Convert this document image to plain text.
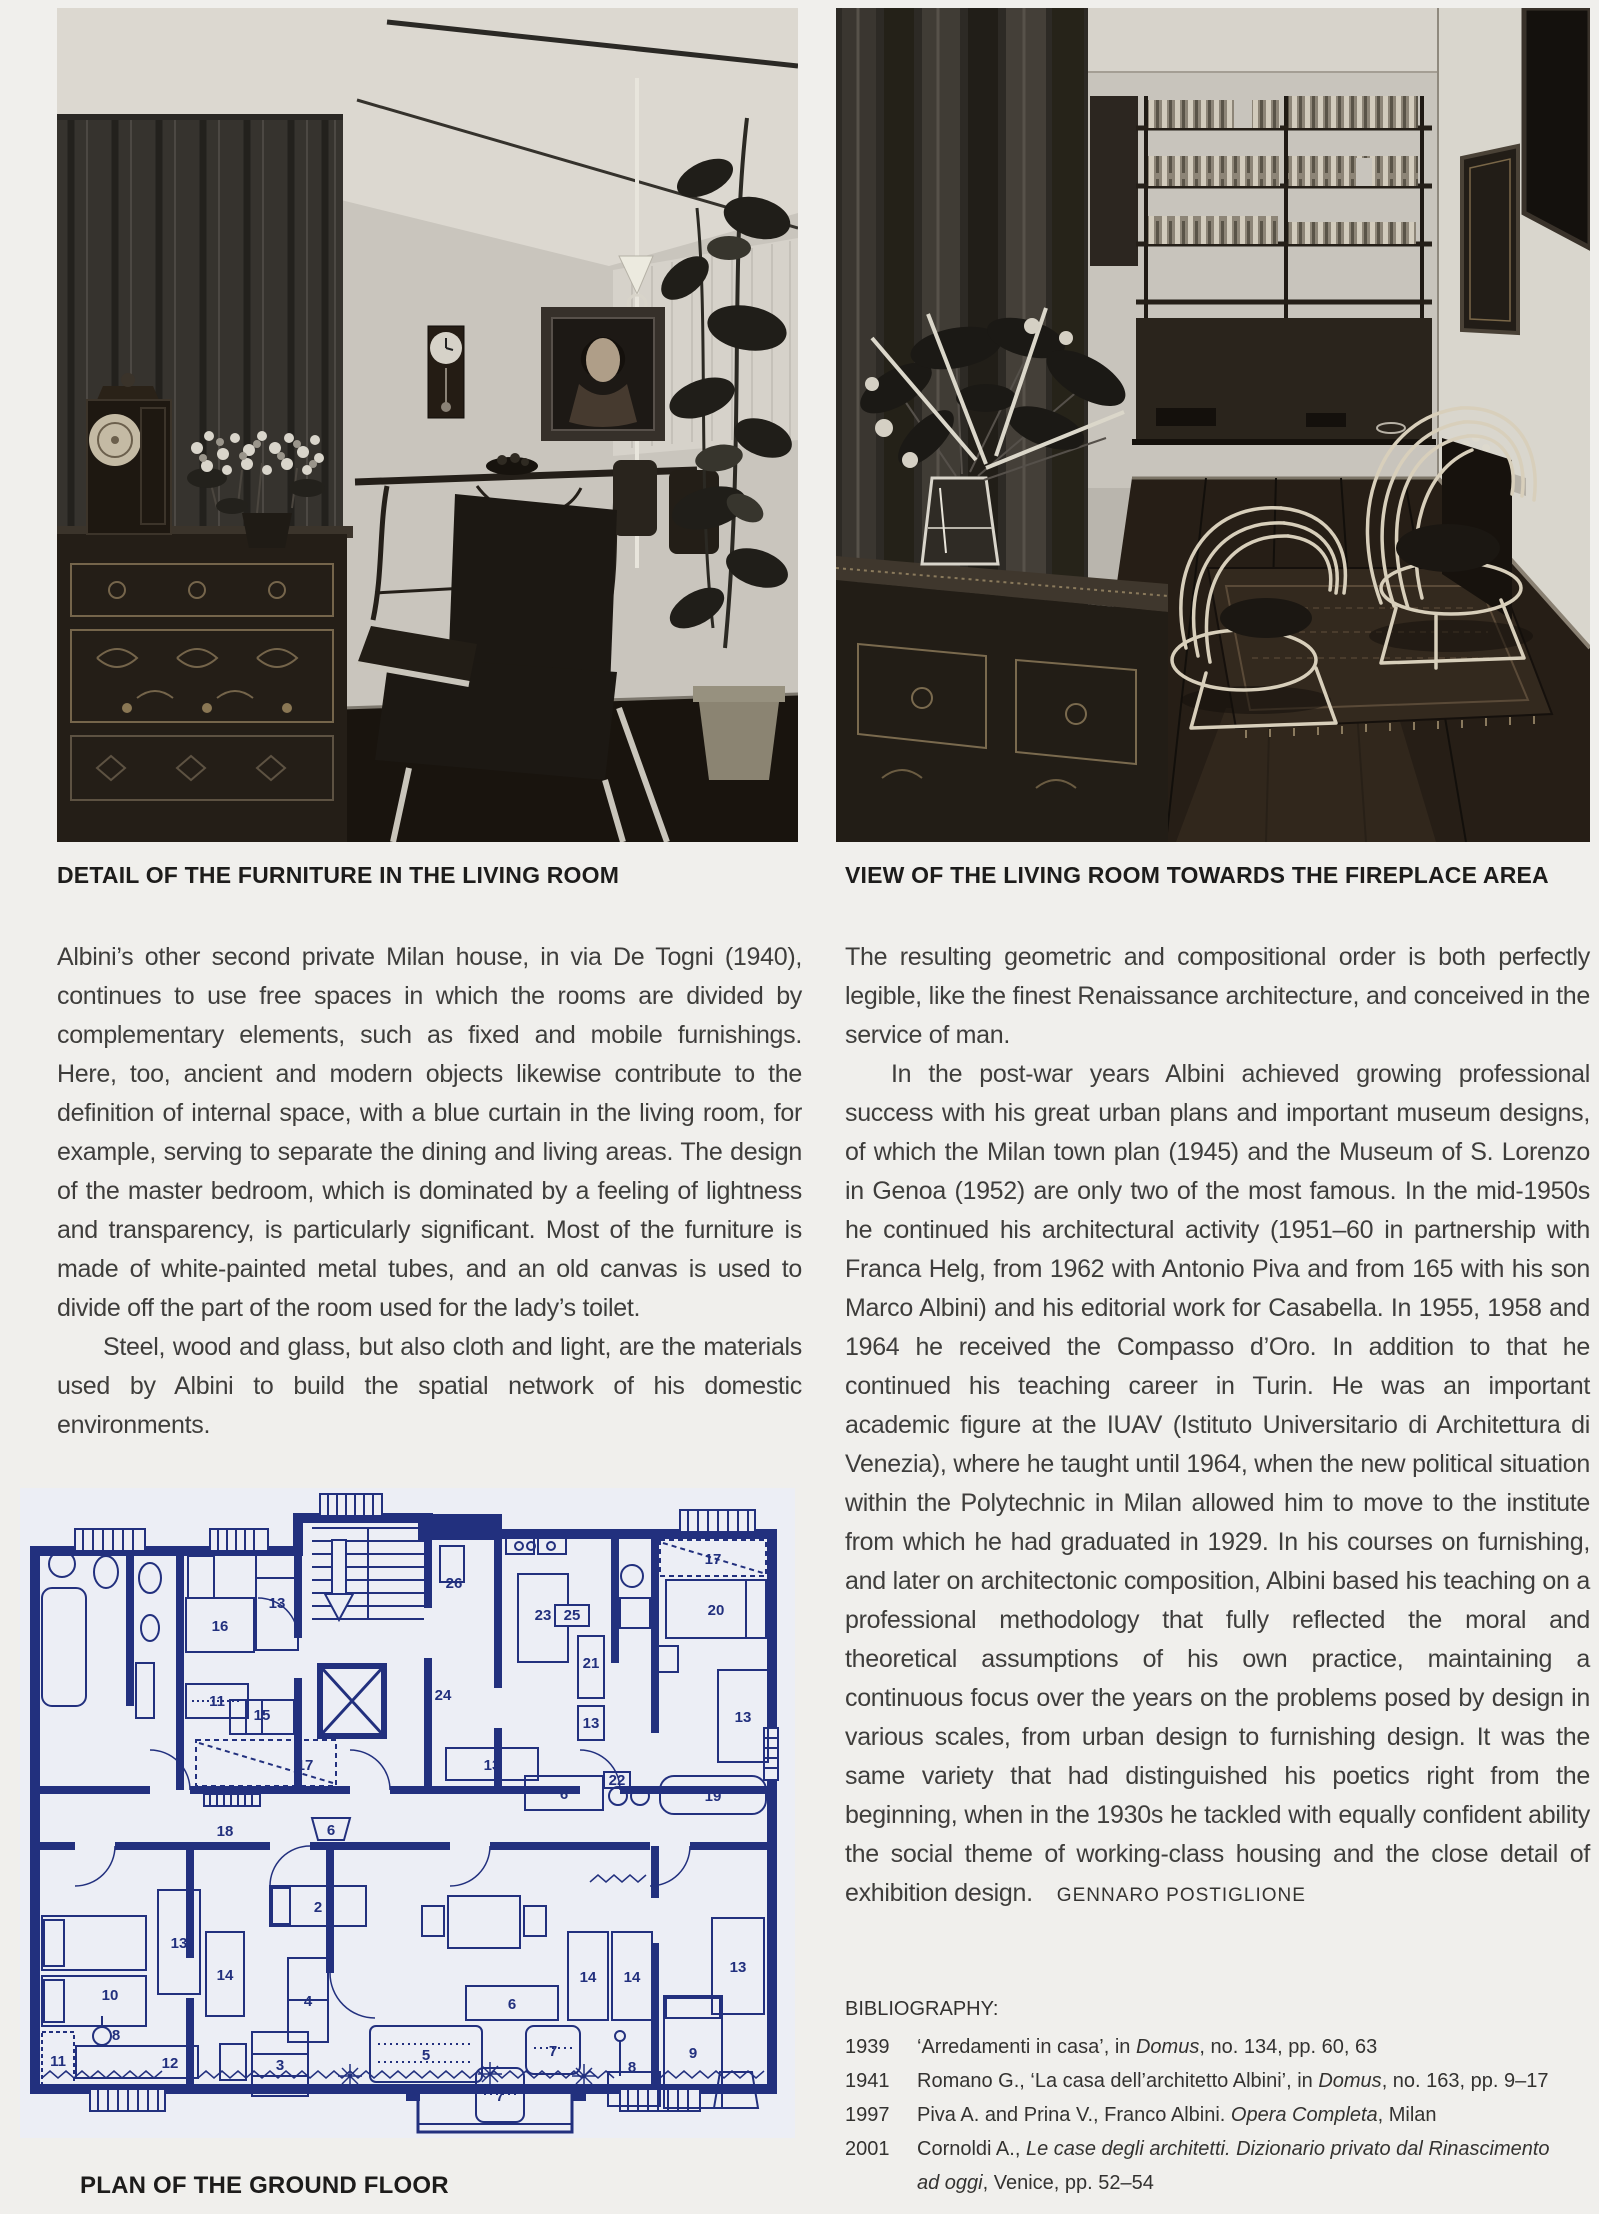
DETAIL OF THE FURNITURE IN THE LIVING ROOM	VIEW OF THE LIVING ROOM TOWARDS THE FIREPLACE AREA

Albini’s other second private Milan house, in via De Togni (1940), continues to use free spaces in which the rooms are divided by complementary elements, such as fixed and mobile furnishings. Here, too, ancient and modern objects likewise contribute to the definition of internal space, with a blue curtain in the living room, for example, serving to separate the dining and living areas. The design of the master bedroom, which is dominated by a feeling of lightness and transparency, is particularly significant. Most of the furniture is made of white-painted metal tubes, and an old canvas is used to divide off the part of the room used for the lady’s toilet.

Steel, wood and glass, but also cloth and light, are the materials used by Albini to build the spatial network of his domestic environments.

The resulting geometric and compositional order is both perfectly legible, like the finest Renaissance architecture, and conceived in the service of man.

In the post-war years Albini achieved growing professional success with his great urban plans and important museum designs, of which the Milan town plan (1945) and the Museum of S. Lorenzo in Genoa (1952) are only two of the most famous. In the mid-1950s he continued his architectural activity (1951–60 in partnership with Franca Helg, from 1962 with Antonio Piva and from 165 with his son Marco Albini) and his editorial work for Casabella. In 1955, 1958 and 1964 he received the Compasso d’Oro. In addition to that he continued his teaching career in Turin. He was an important academic figure at the IUAV (Istituto Universitario di Architettura di Venezia), where he taught until 1964, when the new political situation within the Polytechnic in Milan allowed him to move to the institute from which he had graduated in 1929. In his courses on furnishing, and later on architectonic composition, Albini based his teaching on a professional methodology that fully reflected the moral and theoretical assumptions of his own practice, maintaining a continuous focus over the years on the problems posed by design in various scales, from urban design to furnishing design. It was the same variety that had distinguished his poetics right from the beginning, when in the 1930s he tackled with equally confident ability the social theme of working-class housing and the close detail of exhibition design. GENNARO POSTIGLIONE

16
13
11
15
17
18
26
24
23 25
21
13
20
17
13
13
6
22
19
6
2
13
14
4
10
8
11	12	3
5
6
7
7
8
14 14
13
9
PLAN OF THE GROUND FLOOR
BIBLIOGRAPHY:
1939	‘Arredamenti in casa’, in Domus, no. 134, pp. 60, 63
1941	Romano G., ‘La casa dell’architetto Albini’, in Domus, no. 163, pp. 9–17
1997	Piva A. and Prina V., Franco Albini. Opera Completa, Milan
2001	Cornoldi A., Le case degli architetti. Dizionario privato dal Rinascimento ad oggi, Venice, pp. 52–54
